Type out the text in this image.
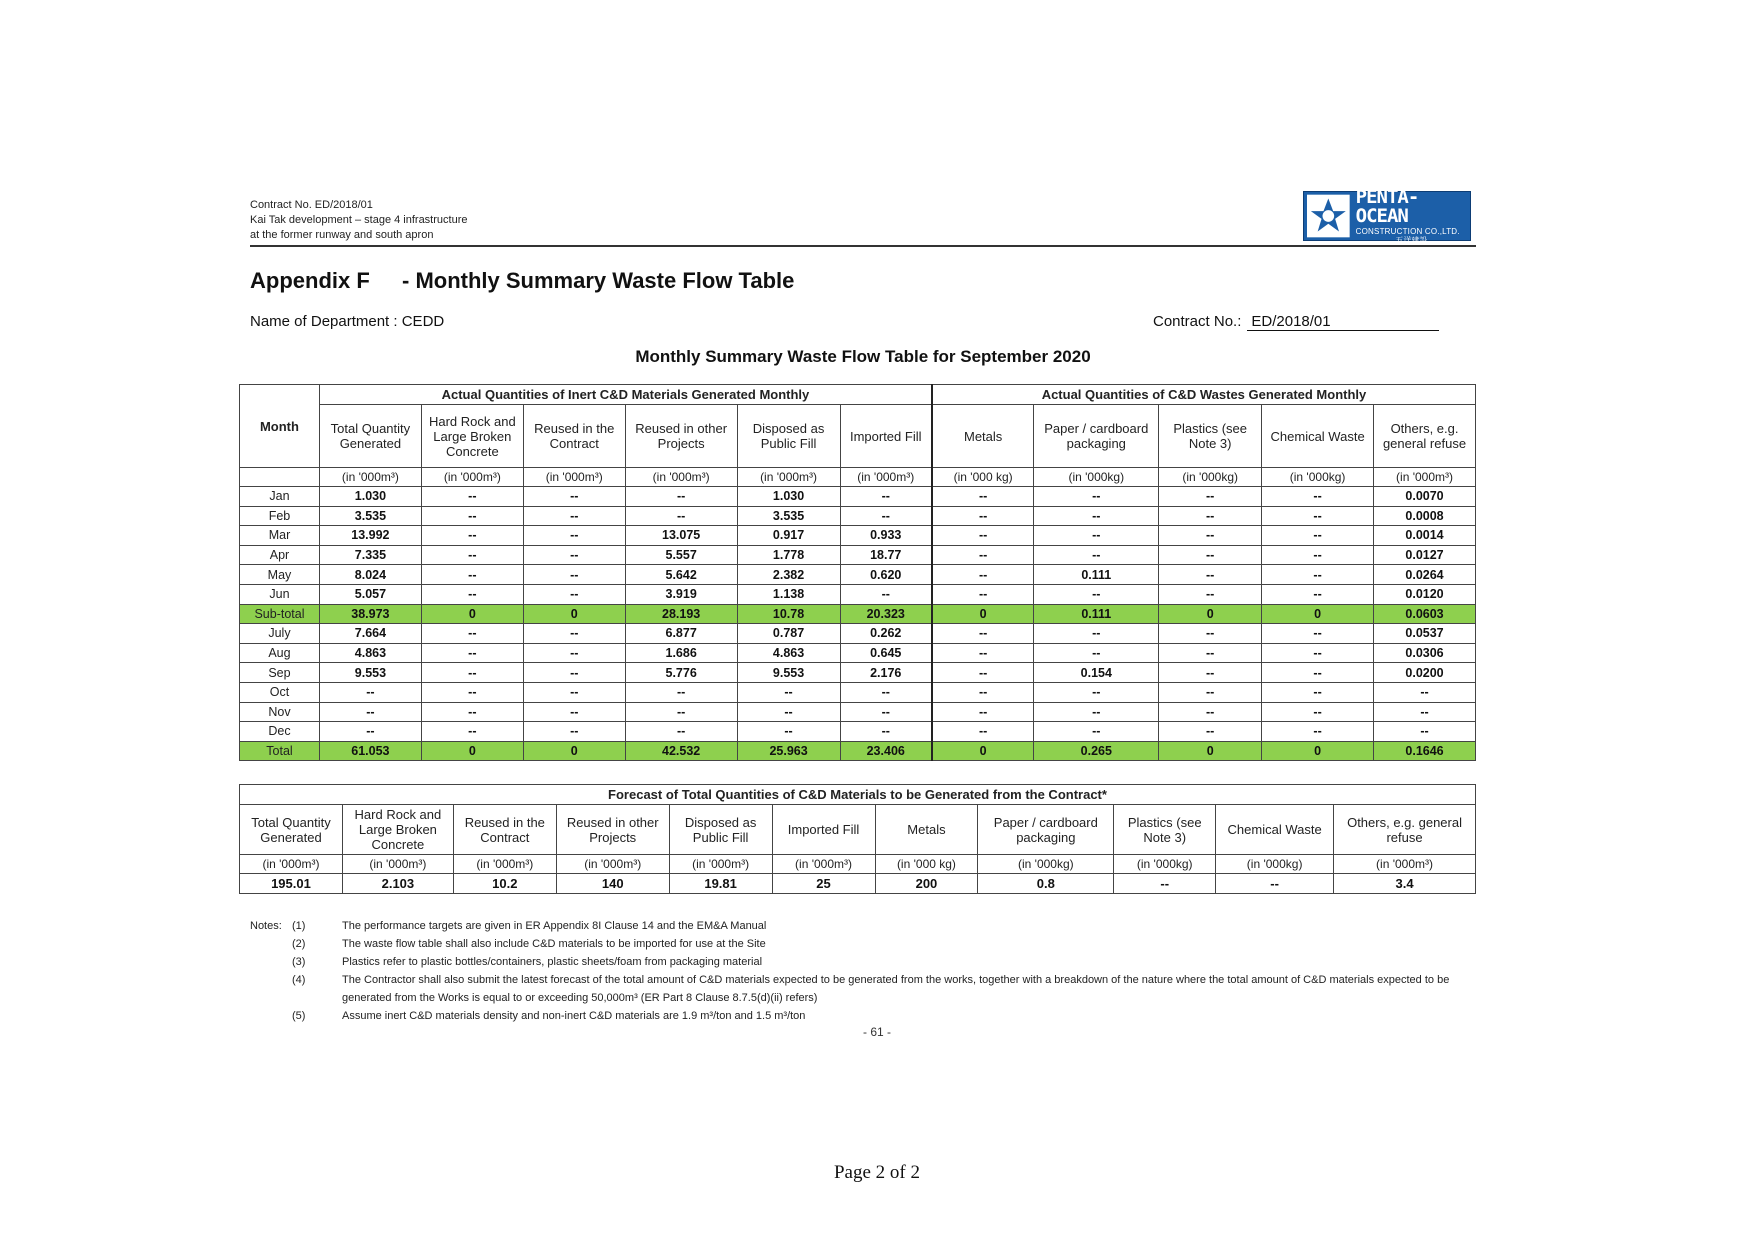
Contract No. ED/2018/01
Kai Tak development – stage 4 infrastructure
at the former runway and south apron
PENTA-OCEAN
CONSTRUCTION CO.,LTD.
五洋建設
Appendix F - Monthly Summary Waste Flow Table
Name of Department : CEDD	Contract No.: ED/2018/01
Monthly Summary Waste Flow Table for September 2020
Month	Actual Quantities of Inert C&D Materials Generated Monthly						Actual Quantities of C&D Wastes Generated Monthly				
	Total Quantity Generated	Hard Rock and Large Broken Concrete	Reused in the Contract	Reused in other Projects	Disposed as Public Fill	Imported Fill	Metals	Paper / cardboard packaging	Plastics (see Note 3)	Chemical Waste	Others, e.g. general refuse
	(in '000m³)	(in '000m³)	(in '000m³)	(in '000m³)	(in '000m³)	(in '000m³)	(in '000 kg)	(in '000kg)	(in '000kg)	(in '000kg)	(in '000m³)
Jan	1.030	--	--	--	1.030	--	--	--	--	--	0.0070
Feb	3.535	--	--	--	3.535	--	--	--	--	--	0.0008
Mar	13.992	--	--	13.075	0.917	0.933	--	--	--	--	0.0014
Apr	7.335	--	--	5.557	1.778	18.77	--	--	--	--	0.0127
May	8.024	--	--	5.642	2.382	0.620	--	0.111	--	--	0.0264
Jun	5.057	--	--	3.919	1.138	--	--	--	--	--	0.0120
Sub-total	38.973	0	0	28.193	10.78	20.323	0	0.111	0	0	0.0603
July	7.664	--	--	6.877	0.787	0.262	--	--	--	--	0.0537
Aug	4.863	--	--	1.686	4.863	0.645	--	--	--	--	0.0306
Sep	9.553	--	--	5.776	9.553	2.176	--	0.154	--	--	0.0200
Oct	--	--	--	--	--	--	--	--	--	--	--
Nov	--	--	--	--	--	--	--	--	--	--	--
Dec	--	--	--	--	--	--	--	--	--	--	--
Total	61.053	0	0	42.532	25.963	23.406	0	0.265	0	0	0.1646
Forecast of Total Quantities of C&D Materials to be Generated from the Contract*										
Total Quantity Generated	Hard Rock and Large Broken Concrete	Reused in the Contract	Reused in other Projects	Disposed as Public Fill	Imported Fill	Metals	Paper / cardboard packaging	Plastics (see Note 3)	Chemical Waste	Others, e.g. general refuse
(in '000m³)	(in '000m³)	(in '000m³)	(in '000m³)	(in '000m³)	(in '000m³)	(in '000 kg)	(in '000kg)	(in '000kg)	(in '000kg)	(in '000m³)
195.01	2.103	10.2	140	19.81	25	200	0.8	--	--	3.4
Notes: (1)	The performance targets are given in ER Appendix 8I Clause 14 and the EM&A Manual
(2)	The waste flow table shall also include C&D materials to be imported for use at the Site
(3)	Plastics refer to plastic bottles/containers, plastic sheets/foam from packaging material
(4)	The Contractor shall also submit the latest forecast of the total amount of C&D materials expected to be generated from the works, together with a breakdown of the nature where the total amount of C&D materials expected to be generated from the Works is equal to or exceeding 50,000m³ (ER Part 8 Clause 8.7.5(d)(ii) refers)
(5)	Assume inert C&D materials density and non-inert C&D materials are 1.9 m³/ton and 1.5 m³/ton
- 61 -
Page 2 of 2
